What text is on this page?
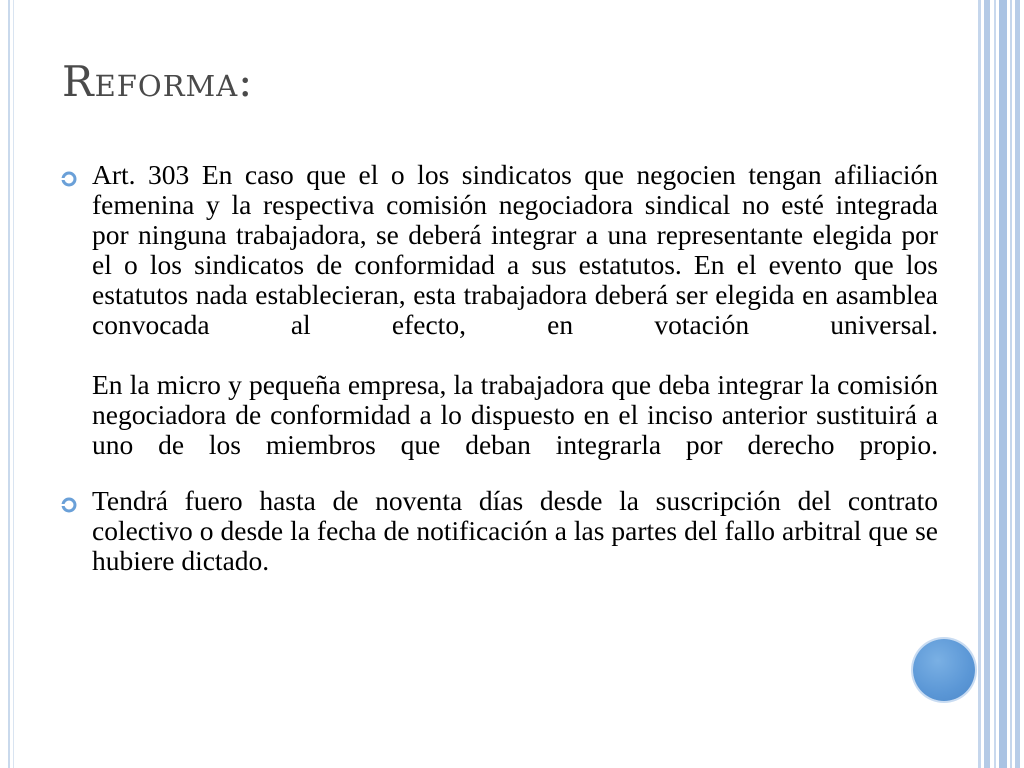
Reforma:

Art. 303 En caso que el o los sindicatos que negocien tengan afiliación femenina y la respectiva comisión negociadora sindical no esté integrada por ninguna trabajadora, se deberá integrar a una representante elegida por el o los sindicatos de conformidad a sus estatutos. En el evento que los estatutos nada establecieran, esta trabajadora deberá ser elegida en asamblea convocada al efecto, en votación universal.

En la micro y pequeña empresa, la trabajadora que deba integrar la comisión negociadora de conformidad a lo dispuesto en el inciso anterior sustituirá a uno de los miembros que deban integrarla por derecho propio.

Tendrá fuero hasta de noventa días desde la suscripción del contrato colectivo o desde la fecha de notificación a las partes del fallo arbitral que se hubiere dictado.
